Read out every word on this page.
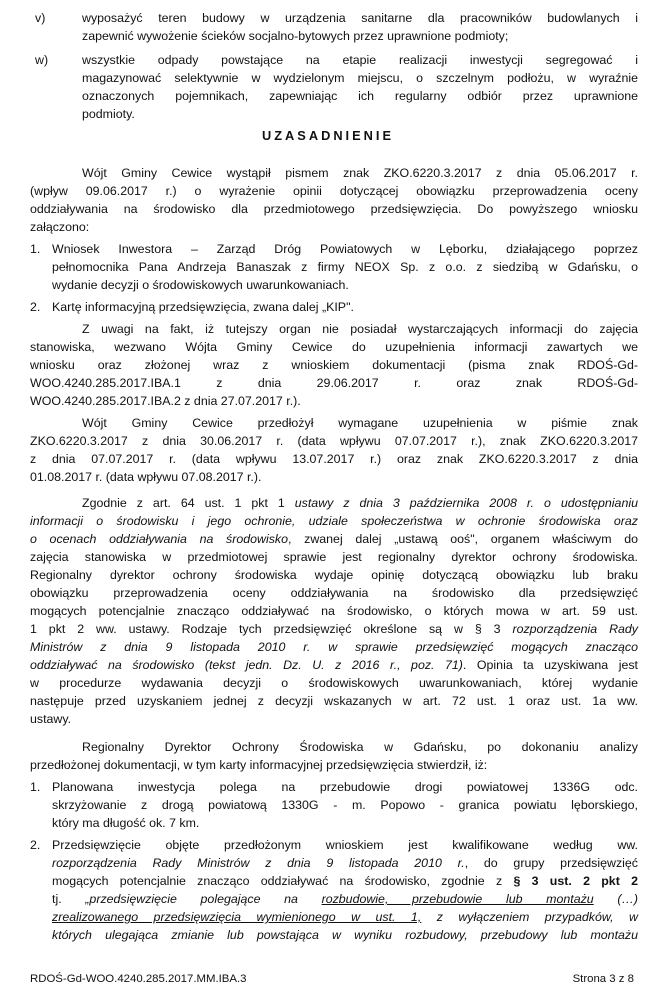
v)	wyposażyć teren budowy w urządzenia sanitarne dla pracowników budowlanych i
zapewnić wywożenie ścieków socjalno-bytowych przez uprawnione podmioty;
w)	wszystkie odpady powstające na etapie realizacji inwestycji segregować i
magazynować selektywnie w wydzielonym miejscu, o szczelnym podłożu, w wyraźnie
oznaczonych pojemnikach, zapewniając ich regularny odbiór przez uprawnione
podmioty.
UZASADNIENIE
Wójt Gminy Cewice wystąpił pismem znak ZKO.6220.3.2017 z dnia 05.06.2017 r.
(wpływ 09.06.2017 r.) o wyrażenie opinii dotyczącej obowiązku przeprowadzenia oceny
oddziaływania na środowisko dla przedmiotowego przedsięwzięcia. Do powyższego wniosku
załączono:
1. Wniosek Inwestora – Zarząd Dróg Powiatowych w Lęborku, działającego poprzez
pełnomocnika Pana Andrzeja Banaszak z firmy NEOX Sp. z o.o. z siedzibą w Gdańsku, o
wydanie decyzji o środowiskowych uwarunkowaniach.
2. Kartę informacyjną przedsięwzięcia, zwana dalej „KIP".
Z uwagi na fakt, iż tutejszy organ nie posiadał wystarczających informacji do zajęcia
stanowiska, wezwano Wójta Gminy Cewice do uzupełnienia informacji zawartych we
wniosku oraz złożonej wraz z wnioskiem dokumentacji (pisma znak RDOŚ-Gd-
WOO.4240.285.2017.IBA.1 z dnia 29.06.2017 r. oraz znak RDOŚ-Gd-
WOO.4240.285.2017.IBA.2 z dnia 27.07.2017 r.).
Wójt Gminy Cewice przedłożył wymagane uzupełnienia w piśmie znak
ZKO.6220.3.2017 z dnia 30.06.2017 r. (data wpływu 07.07.2017 r.), znak ZKO.6220.3.2017
z dnia 07.07.2017 r. (data wpływu 13.07.2017 r.) oraz znak ZKO.6220.3.2017 z dnia
01.08.2017 r. (data wpływu 07.08.2017 r.).
Zgodnie z art. 64 ust. 1 pkt 1 ustawy z dnia 3 października 2008 r. o udostępnianiu
informacji o środowisku i jego ochronie, udziale społeczeństwa w ochronie środowiska oraz
o ocenach oddziaływania na środowisko, zwanej dalej „ustawą ooś", organem właściwym do
zajęcia stanowiska w przedmiotowej sprawie jest regionalny dyrektor ochrony środowiska.
Regionalny dyrektor ochrony środowiska wydaje opinię dotyczącą obowiązku lub braku
obowiązku przeprowadzenia oceny oddziaływania na środowisko dla przedsięwzięć
mogących potencjalnie znacząco oddziaływać na środowisko, o których mowa w art. 59 ust.
1 pkt 2 ww. ustawy. Rodzaje tych przedsięwzięć określone są w § 3 rozporządzenia Rady
Ministrów z dnia 9 listopada 2010 r. w sprawie przedsięwzięć mogących znacząco
oddziaływać na środowisko (tekst jedn. Dz. U. z 2016 r., poz. 71). Opinia ta uzyskiwana jest
w procedurze wydawania decyzji o środowiskowych uwarunkowaniach, której wydanie
następuje przed uzyskaniem jednej z decyzji wskazanych w art. 72 ust. 1 oraz ust. 1a ww.
ustawy.
Regionalny Dyrektor Ochrony Środowiska w Gdańsku, po dokonaniu analizy
przedłożonej dokumentacji, w tym karty informacyjnej przedsięwzięcia stwierdził, iż:
1. Planowana inwestycja polega na przebudowie drogi powiatowej 1336G odc.
skrzyżowanie z drogą powiatową 1330G - m. Popowo - granica powiatu lęborskiego,
który ma długość ok. 7 km.
2. Przedsięwzięcie objęte przedłożonym wnioskiem jest kwalifikowane według ww.
rozporządzenia Rady Ministrów z dnia 9 listopada 2010 r., do grupy przedsięwzięć
mogących potencjalnie znacząco oddziaływać na środowisko, zgodnie z § 3 ust. 2 pkt 2
tj. „przedsięwzięcie polegające na rozbudowie, przebudowie lub montażu (…)
zrealizowanego przedsięwzięcia wymienionego w ust. 1, z wyłączeniem przypadków, w
których ulegająca zmianie lub powstająca w wyniku rozbudowy, przebudowy lub montażu
RDOŚ-Gd-WOO.4240.285.2017.MM.IBA.3	Strona 3 z 8
